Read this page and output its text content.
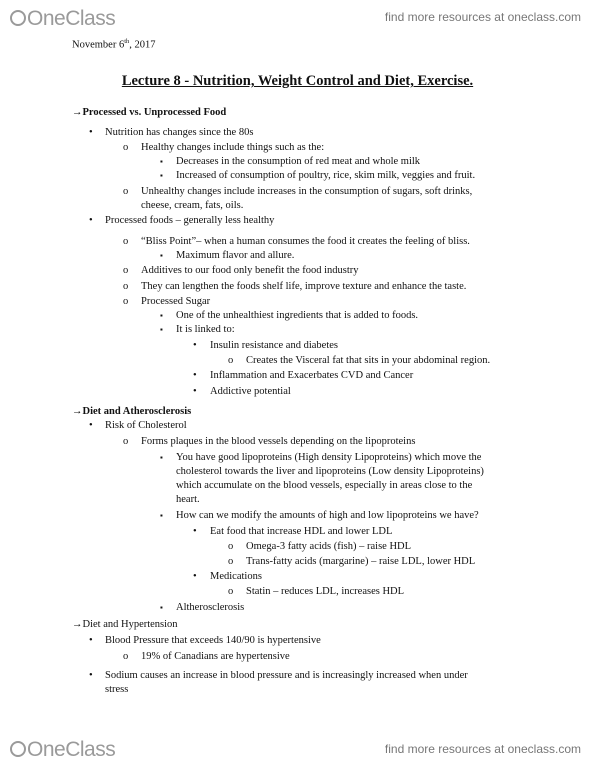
OneClass	find more resources at oneclass.com
November 6th, 2017
Lecture 8 - Nutrition, Weight Control and Diet, Exercise.
→Processed vs. Unprocessed Food
• Nutrition has changes since the 80s
o Healthy changes include things such as the:
▪ Decreases in the consumption of red meat and whole milk
▪ Increased of consumption of poultry, rice, skim milk, veggies and fruit.
o Unhealthy changes include increases in the consumption of sugars, soft drinks,
cheese, cream, fats, oils.
• Processed foods – generally less healthy
o “Bliss Point”– when a human consumes the food it creates the feeling of bliss.
▪ Maximum flavor and allure.
o Additives to our food only benefit the food industry
o They can lengthen the foods shelf life, improve texture and enhance the taste.
o Processed Sugar
▪ One of the unhealthiest ingredients that is added to foods.
▪ It is linked to:
• Insulin resistance and diabetes
o Creates the Visceral fat that sits in your abdominal region.
• Inflammation and Exacerbates CVD and Cancer
• Addictive potential
→Diet and Atherosclerosis
• Risk of Cholesterol
o Forms plaques in the blood vessels depending on the lipoproteins
▪ You have good lipoproteins (High density Lipoproteins) which move the
cholesterol towards the liver and lipoproteins (Low density Lipoproteins)
which accumulate on the blood vessels, especially in areas close to the
heart.
▪ How can we modify the amounts of high and low lipoproteins we have?
• Eat food that increase HDL and lower LDL
o Omega-3 fatty acids (fish) – raise HDL
o Trans-fatty acids (margarine) – raise LDL, lower HDL
• Medications
o Statin – reduces LDL, increases HDL
▪ Altherosclerosis
→Diet and Hypertension
• Blood Pressure that exceeds 140/90 is hypertensive
o 19% of Canadians are hypertensive
• Sodium causes an increase in blood pressure and is increasingly increased when under
stress
OneClass	find more resources at oneclass.com
